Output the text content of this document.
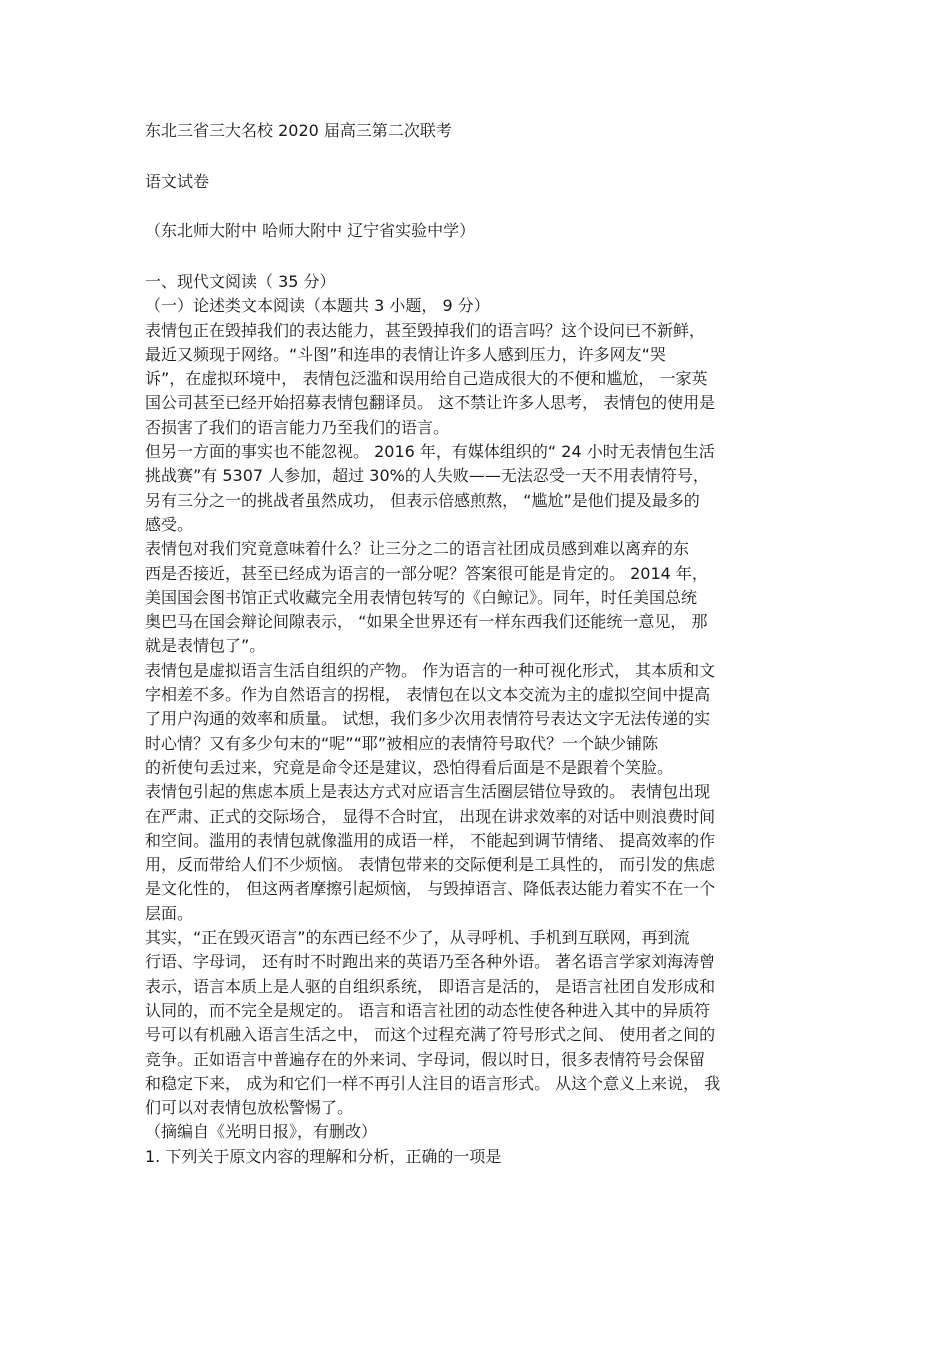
东北三省三大名校 2020 届高三第二次联考
语文试卷
（东北师大附中 哈师大附中 辽宁省实验中学）
一、现代文阅读（ 35 分）
（一）论述类文本阅读（本题共 3 小题， 9 分）
表情包正在毁掉我们的表达能力，甚至毁掉我们的语言吗？这个设问已不新鲜，
最近又频现于网络。“斗图”和连串的表情让许多人感到压力，许多网友“哭
诉”，在虚拟环境中， 表情包泛滥和误用给自己造成很大的不便和尴尬， 一家英
国公司甚至已经开始招募表情包翻译员。 这不禁让许多人思考， 表情包的使用是
否损害了我们的语言能力乃至我们的语言。
但另一方面的事实也不能忽视。 2016 年，有媒体组织的“ 24 小时无表情包生活
挑战赛”有 5307 人参加，超过 30%的人失败——无法忍受一天不用表情符号，
另有三分之一的挑战者虽然成功， 但表示倍感煎熬， “尴尬”是他们提及最多的
感受。
表情包对我们究竟意味着什么？让三分之二的语言社团成员感到难以离弃的东
西是否接近，甚至已经成为语言的一部分呢？答案很可能是肯定的。 2014 年，
美国国会图书馆正式收藏完全用表情包转写的《白鲸记》。同年，时任美国总统
奥巴马在国会辩论间隙表示， “如果全世界还有一样东西我们还能统一意见， 那
就是表情包了”。
表情包是虚拟语言生活自组织的产物。 作为语言的一种可视化形式， 其本质和文
字相差不多。作为自然语言的拐棍， 表情包在以文本交流为主的虚拟空间中提高
了用户沟通的效率和质量。 试想，我们多少次用表情符号表达文字无法传递的实
时心情？又有多少句末的“呢”“耶”被相应的表情符号取代？一个缺少铺陈
的祈使句丢过来，究竟是命令还是建议，恐怕得看后面是不是跟着个笑脸。
表情包引起的焦虑本质上是表达方式对应语言生活圈层错位导致的。 表情包出现
在严肃、正式的交际场合， 显得不合时宜， 出现在讲求效率的对话中则浪费时间
和空间。滥用的表情包就像滥用的成语一样， 不能起到调节情绪、 提高效率的作
用，反而带给人们不少烦恼。 表情包带来的交际便利是工具性的， 而引发的焦虑
是文化性的， 但这两者摩擦引起烦恼， 与毁掉语言、降低表达能力着实不在一个
层面。
其实，“正在毁灭语言”的东西已经不少了，从寻呼机、手机到互联网，再到流
行语、字母词， 还有时不时跑出来的英语乃至各种外语。 著名语言学家刘海涛曾
表示，语言本质上是人驱的自组织系统， 即语言是活的， 是语言社团自发形成和
认同的，而不完全是规定的。 语言和语言社团的动态性使各种进入其中的异质符
号可以有机融入语言生活之中， 而这个过程充满了符号形式之间、 使用者之间的
竞争。正如语言中普遍存在的外来词、字母词，假以时日，很多表情符号会保留
和稳定下来， 成为和它们一样不再引人注目的语言形式。 从这个意义上来说， 我
们可以对表情包放松警惕了。
（摘编自《光明日报》，有删改）
1. 下列关于原文内容的理解和分析，正确的一项是
